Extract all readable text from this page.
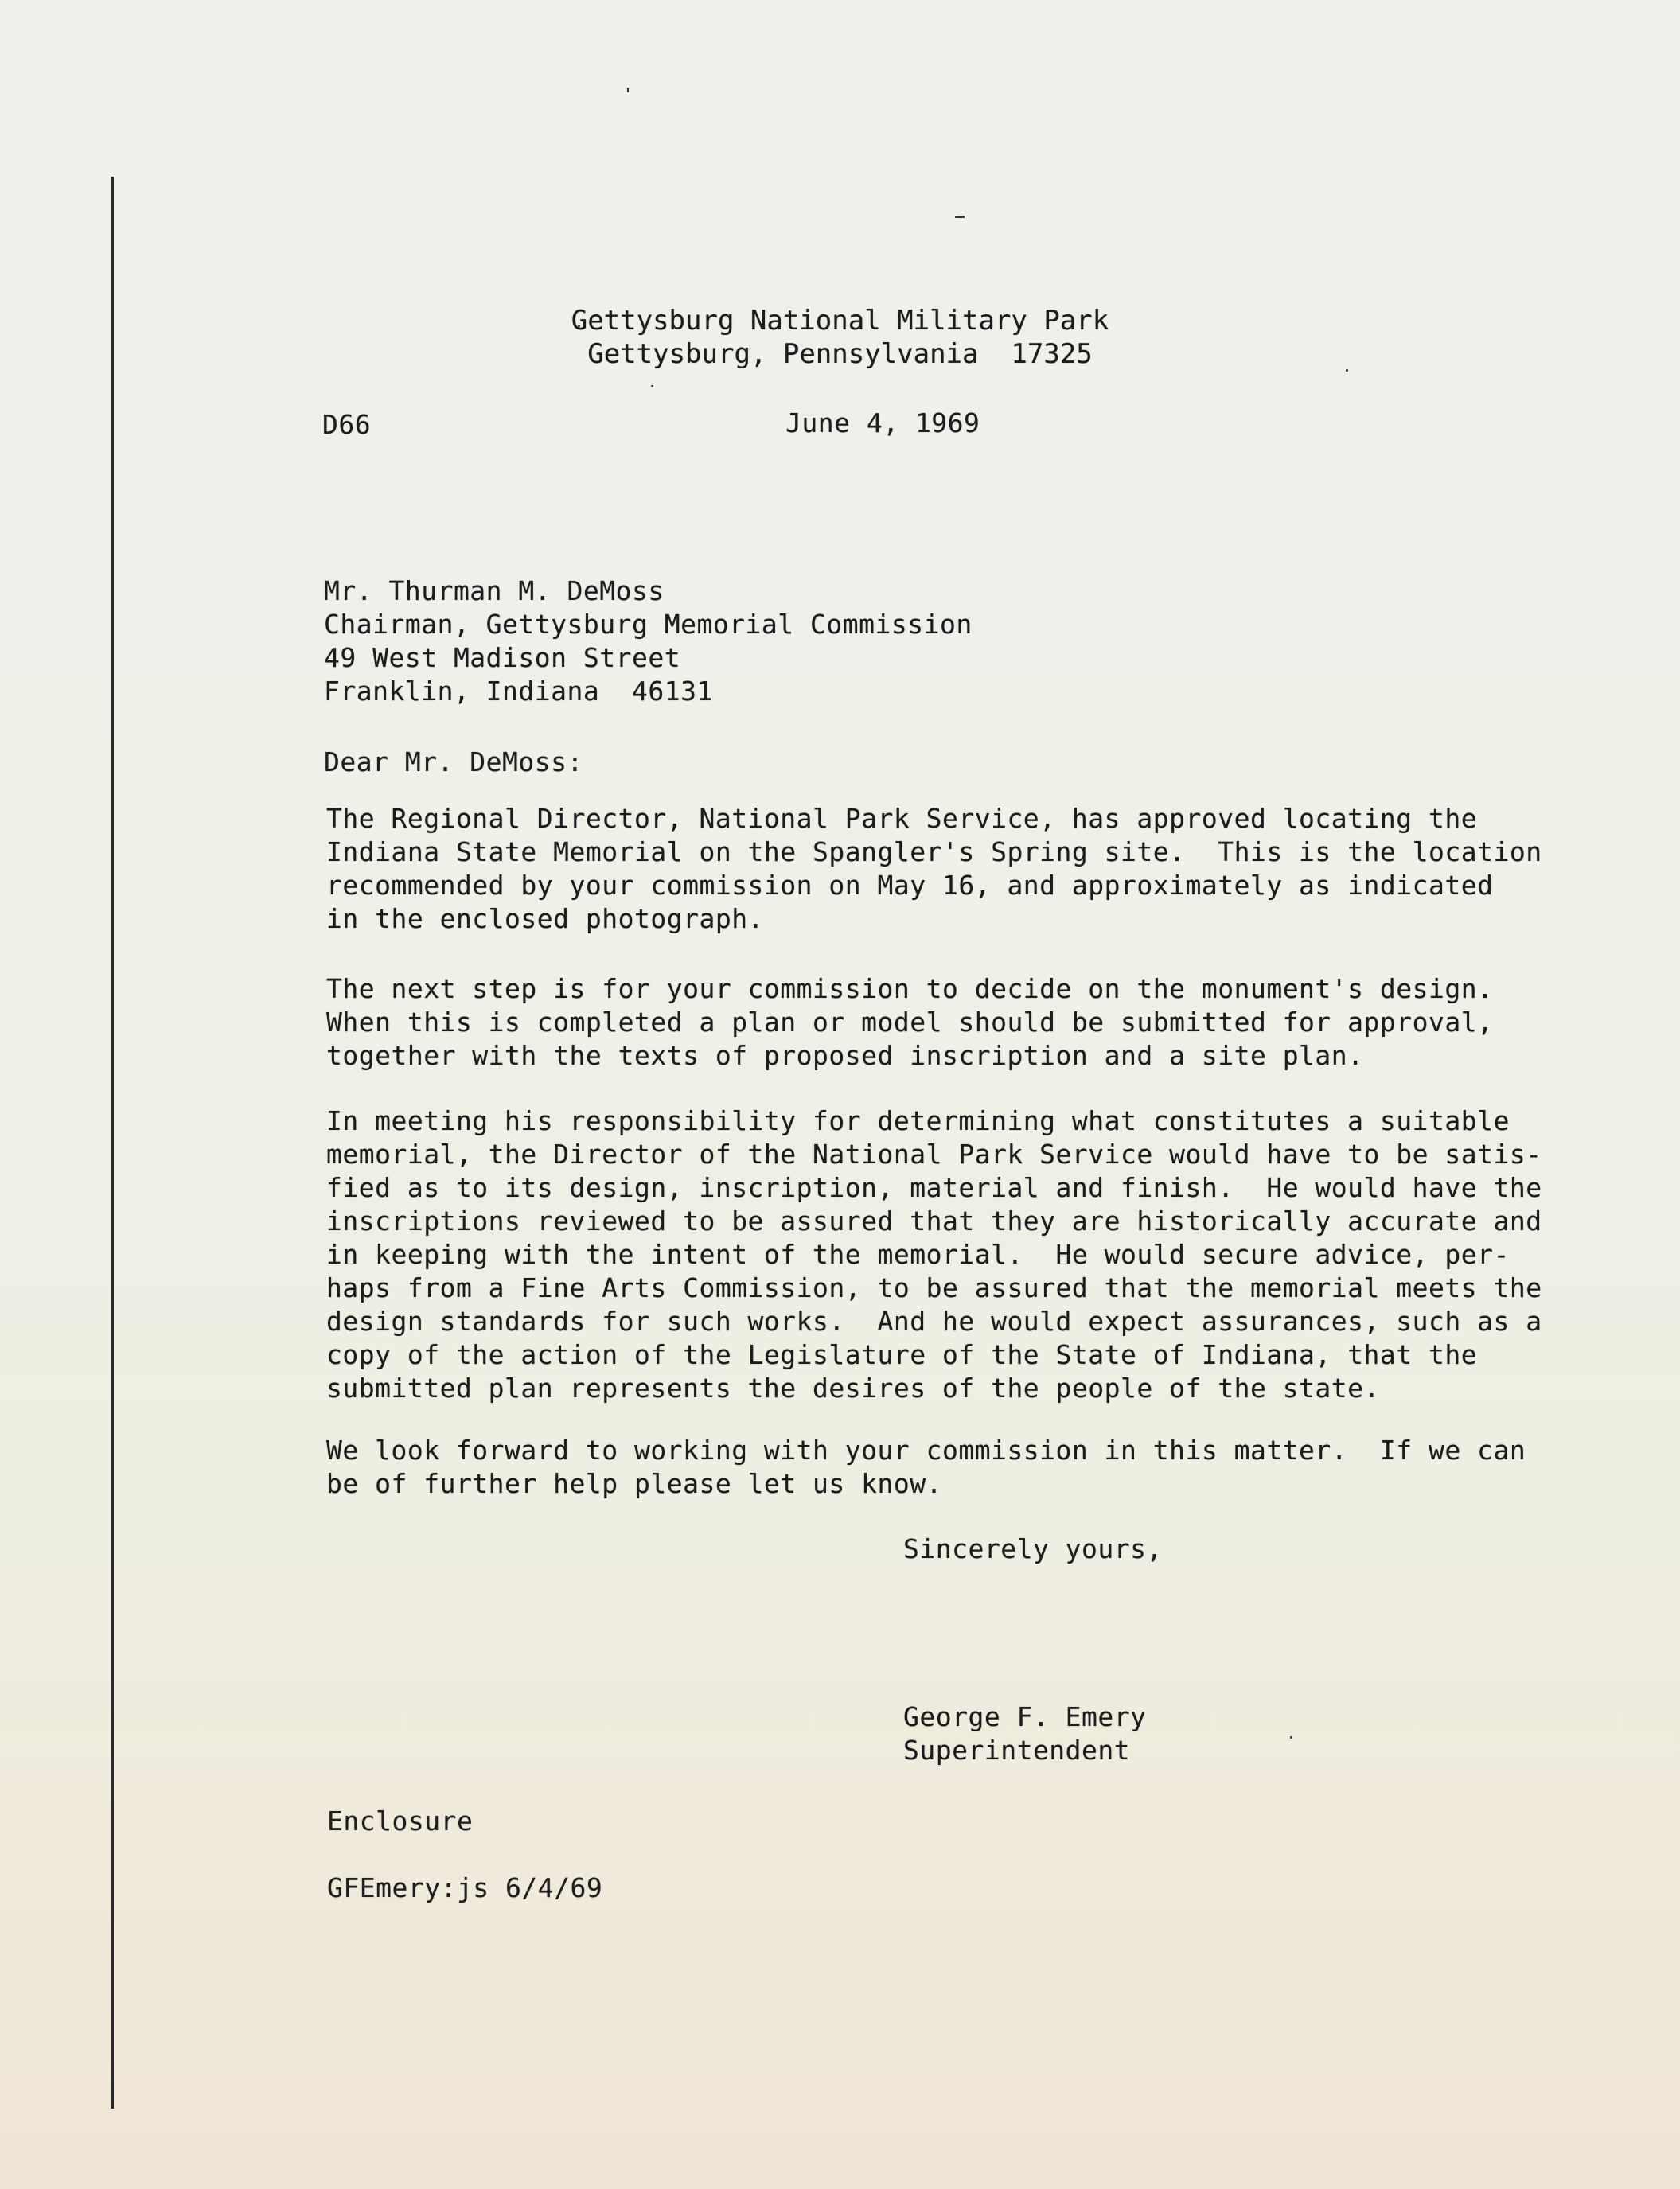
Gettysburg National Military Park
Gettysburg, Pennsylvania  17325
D66	June 4, 1969
Mr. Thurman M. DeMoss
Chairman, Gettysburg Memorial Commission
49 West Madison Street
Franklin, Indiana  46131
Dear Mr. DeMoss:
The Regional Director, National Park Service, has approved locating the
Indiana State Memorial on the Spangler's Spring site.  This is the location
recommended by your commission on May 16, and approximately as indicated
in the enclosed photograph.
The next step is for your commission to decide on the monument's design.
When this is completed a plan or model should be submitted for approval,
together with the texts of proposed inscription and a site plan.
In meeting his responsibility for determining what constitutes a suitable
memorial, the Director of the National Park Service would have to be satis-
fied as to its design, inscription, material and finish.  He would have the
inscriptions reviewed to be assured that they are historically accurate and
in keeping with the intent of the memorial.  He would secure advice, per-
haps from a Fine Arts Commission, to be assured that the memorial meets the
design standards for such works.  And he would expect assurances, such as a
copy of the action of the Legislature of the State of Indiana, that the
submitted plan represents the desires of the people of the state.
We look forward to working with your commission in this matter.  If we can
be of further help please let us know.
Sincerely yours,
George F. Emery
Superintendent
Enclosure
GFEmery:js 6/4/69
